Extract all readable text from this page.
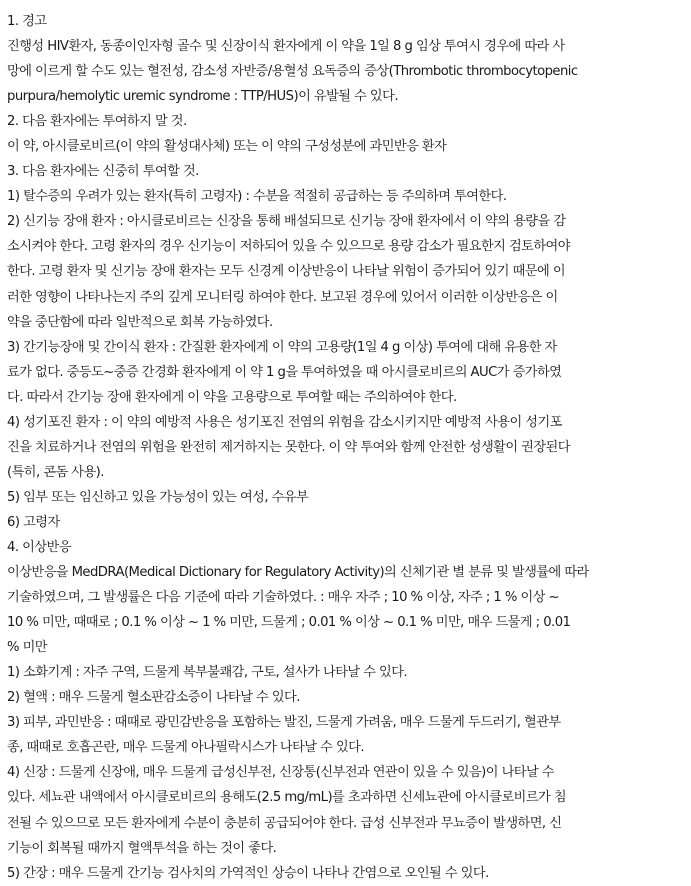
1. 경고
진행성 HIV환자, 동종이인자형 골수 및 신장이식 환자에게 이 약을 1일 8 g 임상 투여시 경우에 따라 사
망에 이르게 할 수도 있는 혈전성, 감소성 자반증/용혈성 요독증의 증상(Thrombotic thrombocytopenic
purpura/hemolytic uremic syndrome : TTP/HUS)이 유발될 수 있다.
2. 다음 환자에는 투여하지 말 것.
이 약, 아시클로비르(이 약의 활성대사체) 또는 이 약의 구성성분에 과민반응 환자
3. 다음 환자에는 신중히 투여할 것.
1) 탈수증의 우려가 있는 환자(특히 고령자) : 수분을 적절히 공급하는 등 주의하며 투여한다.
2) 신기능 장애 환자 : 아시클로비르는 신장을 통해 배설되므로 신기능 장애 환자에서 이 약의 용량을 감
소시켜야 한다. 고령 환자의 경우 신기능이 저하되어 있을 수 있으므로 용량 감소가 필요한지 검토하여야
한다. 고령 환자 및 신기능 장애 환자는 모두 신경계 이상반응이 나타날 위험이 증가되어 있기 때문에 이
러한 영향이 나타나는지 주의 깊게 모니터링 하여야 한다. 보고된 경우에 있어서 이러한 이상반응은 이
약을 중단함에 따라 일반적으로 회복 가능하였다.
3) 간기능장애 및 간이식 환자 : 간질환 환자에게 이 약의 고용량(1일 4 g 이상) 투여에 대해 유용한 자
료가 없다. 중등도~중증 간경화 환자에게 이 약 1 g을 투여하였을 때 아시클로비르의 AUC가 증가하였
다. 따라서 간기능 장애 환자에게 이 약을 고용량으로 투여할 때는 주의하여야 한다.
4) 성기포진 환자 : 이 약의 예방적 사용은 성기포진 전염의 위험을 감소시키지만 예방적 사용이 성기포
진을 치료하거나 전염의 위험을 완전히 제거하지는 못한다. 이 약 투여와 함께 안전한 성생활이 권장된다
(특히, 콘돔 사용).
5) 임부 또는 임신하고 있을 가능성이 있는 여성, 수유부
6) 고령자
4. 이상반응
이상반응을 MedDRA(Medical Dictionary for Regulatory Activity)의 신체기관 별 분류 및 발생률에 따라
기술하였으며, 그 발생률은 다음 기준에 따라 기술하였다. : 매우 자주 ; 10 % 이상, 자주 ; 1 % 이상 ~
10 % 미만, 때때로 ; 0.1 % 이상 ~ 1 % 미만, 드물게 ; 0.01 % 이상 ~ 0.1 % 미만, 매우 드물게 ; 0.01
% 미만
1) 소화기계 : 자주 구역, 드물게 복부불쾌감, 구토, 설사가 나타날 수 있다.
2) 혈액 : 매우 드물게 혈소판감소증이 나타날 수 있다.
3) 피부, 과민반응 : 때때로 광민감반응을 포함하는 발진, 드물게 가려움, 매우 드물게 두드러기, 혈관부
종, 때때로 호흡곤란, 매우 드물게 아나필락시스가 나타날 수 있다.
4) 신장 : 드물게 신장애, 매우 드물게 급성신부전, 신장통(신부전과 연관이 있을 수 있음)이 나타날 수
있다. 세뇨관 내액에서 아시클로비르의 용해도(2.5 mg/mL)를 초과하면 신세뇨관에 아시클로비르가 침
전될 수 있으므로 모든 환자에게 수분이 충분히 공급되어야 한다. 급성 신부전과 무뇨증이 발생하면, 신
기능이 회복될 때까지 혈액투석을 하는 것이 좋다.
5) 간장 : 매우 드물게 간기능 검사치의 가역적인 상승이 나타나 간염으로 오인될 수 있다.
